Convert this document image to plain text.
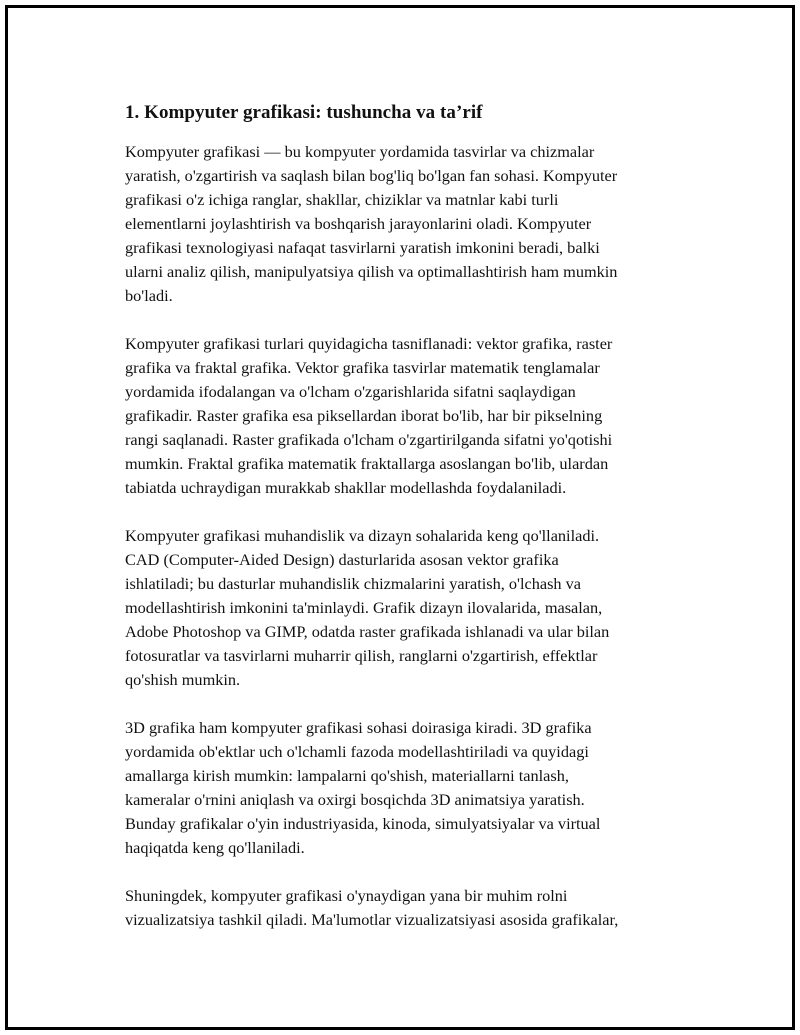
1. Kompyuter grafikasi: tushuncha va ta’rif

Kompyuter grafikasi — bu kompyuter yordamida tasvirlar va chizmalar
yaratish, o'zgartirish va saqlash bilan bog'liq bo'lgan fan sohasi. Kompyuter
grafikasi o'z ichiga ranglar, shakllar, chiziklar va matnlar kabi turli
elementlarni joylashtirish va boshqarish jarayonlarini oladi. Kompyuter
grafikasi texnologiyasi nafaqat tasvirlarni yaratish imkonini beradi, balki
ularni analiz qilish, manipulyatsiya qilish va optimallashtirish ham mumkin
bo'ladi.

Kompyuter grafikasi turlari quyidagicha tasniflanadi: vektor grafika, raster
grafika va fraktal grafika. Vektor grafika tasvirlar matematik tenglamalar
yordamida ifodalangan va o'lcham o'zgarishlarida sifatni saqlaydigan
grafikadir. Raster grafika esa piksellardan iborat bo'lib, har bir pikselning
rangi saqlanadi. Raster grafikada o'lcham o'zgartirilganda sifatni yo'qotishi
mumkin. Fraktal grafika matematik fraktallarga asoslangan bo'lib, ulardan
tabiatda uchraydigan murakkab shakllar modellashda foydalaniladi.

Kompyuter grafikasi muhandislik va dizayn sohalarida keng qo'llaniladi.
CAD (Computer-Aided Design) dasturlarida asosan vektor grafika
ishlatiladi; bu dasturlar muhandislik chizmalarini yaratish, o'lchash va
modellashtirish imkonini ta'minlaydi. Grafik dizayn ilovalarida, masalan,
Adobe Photoshop va GIMP, odatda raster grafikada ishlanadi va ular bilan
fotosuratlar va tasvirlarni muharrir qilish, ranglarni o'zgartirish, effektlar
qo'shish mumkin.

3D grafika ham kompyuter grafikasi sohasi doirasiga kiradi. 3D grafika
yordamida ob'ektlar uch o'lchamli fazoda modellashtiriladi va quyidagi
amallarga kirish mumkin: lampalarni qo'shish, materiallarni tanlash,
kameralar o'rnini aniqlash va oxirgi bosqichda 3D animatsiya yaratish.
Bunday grafikalar o'yin industriyasida, kinoda, simulyatsiyalar va virtual
haqiqatda keng qo'llaniladi.

Shuningdek, kompyuter grafikasi o'ynaydigan yana bir muhim rolni
vizualizatsiya tashkil qiladi. Ma'lumotlar vizualizatsiyasi asosida grafikalar,
